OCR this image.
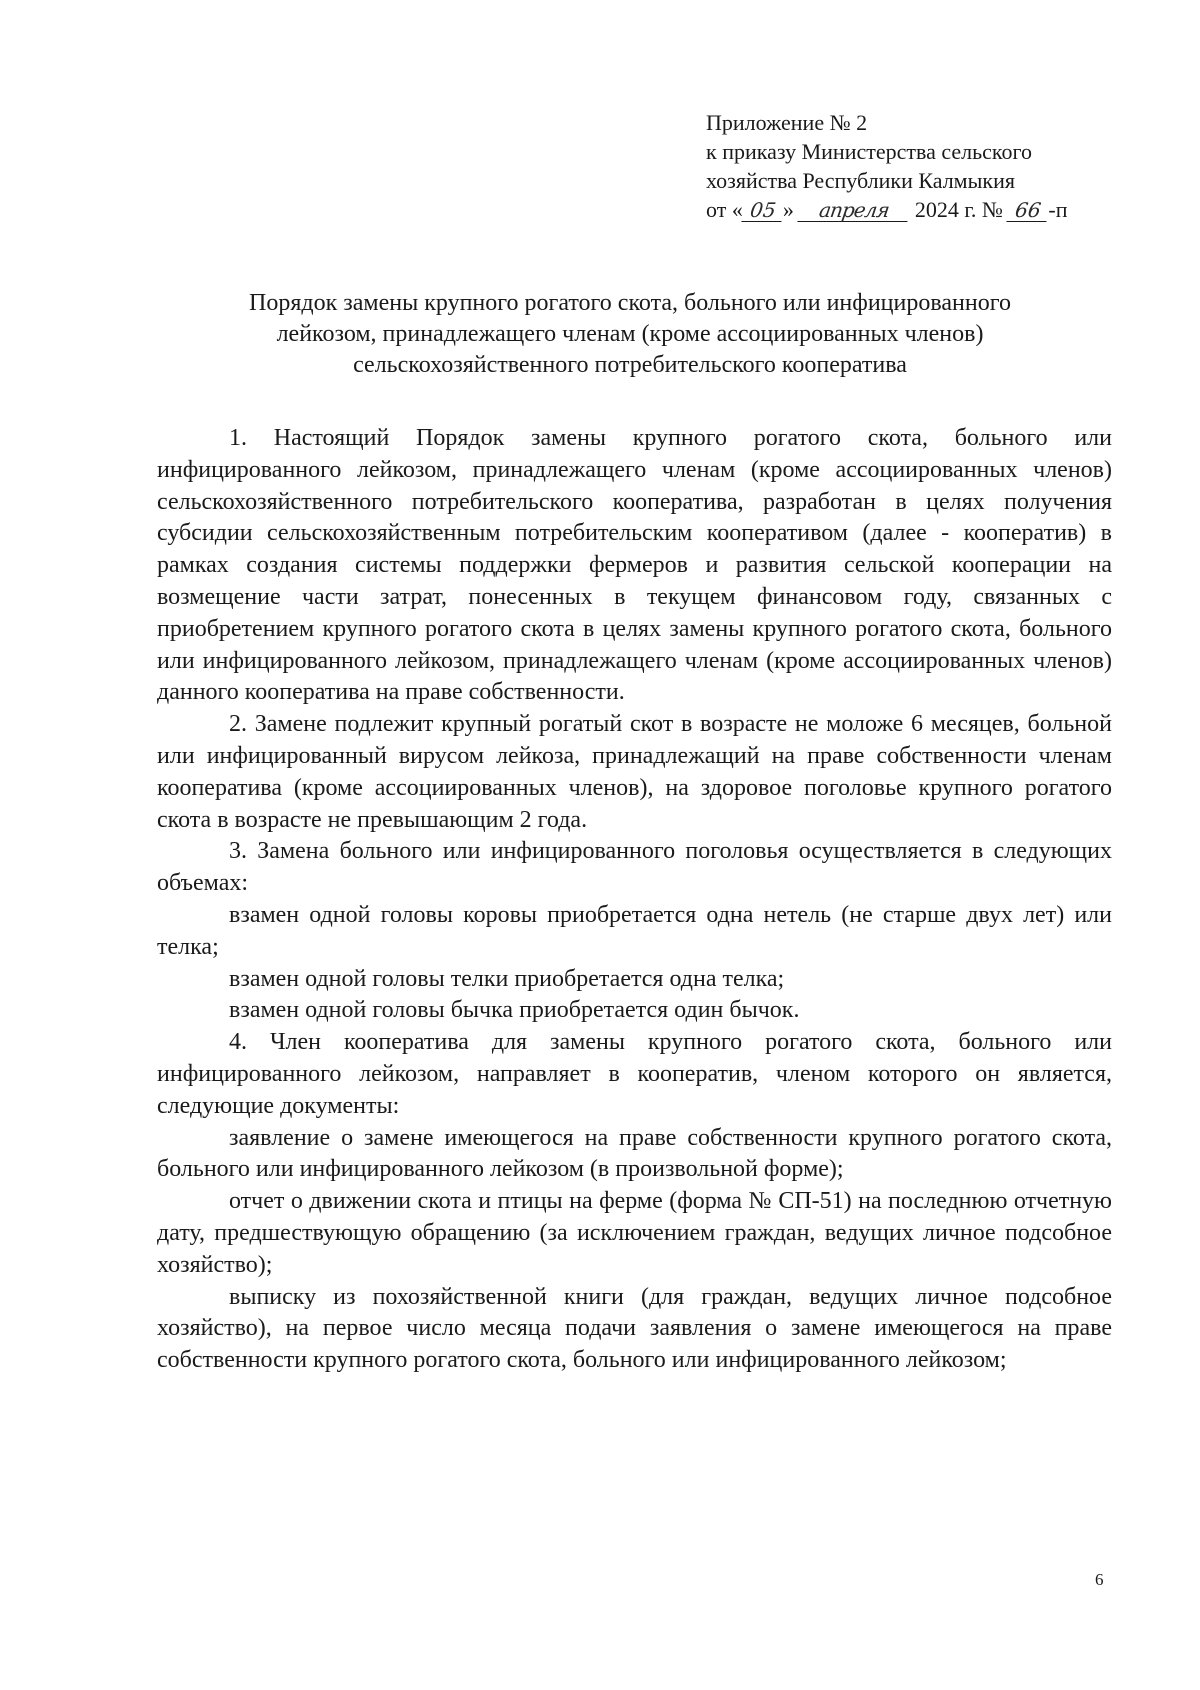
Приложение № 2
к приказу Министерства сельского
хозяйства Республики Калмыкия
от « 05 » апреля 2024 г. № 66 -п
Порядок замены крупного рогатого скота, больного или инфицированного
лейкозом, принадлежащего членам (кроме ассоциированных членов)
сельскохозяйственного потребительского кооператива

1. Настоящий Порядок замены крупного рогатого скота, больного или инфицированного лейкозом, принадлежащего членам (кроме ассоциированных членов) сельскохозяйственного потребительского кооператива, разработан в целях получения субсидии сельскохозяйственным потребительским кооперативом (далее - кооператив) в рамках создания системы поддержки фермеров и развития сельской кооперации на возмещение части затрат, понесенных в текущем финансовом году, связанных с приобретением крупного рогатого скота в целях замены крупного рогатого скота, больного или инфицированного лейкозом, принадлежащего членам (кроме ассоциированных членов) данного кооператива на праве собственности.

2. Замене подлежит крупный рогатый скот в возрасте не моложе 6 месяцев, больной или инфицированный вирусом лейкоза, принадлежащий на праве собственности членам кооператива (кроме ассоциированных членов), на здоровое поголовье крупного рогатого скота в возрасте не превышающим 2 года.

3. Замена больного или инфицированного поголовья осуществляется в следующих объемах:

взамен одной головы коровы приобретается одна нетель (не старше двух лет) или телка;

взамен одной головы телки приобретается одна телка;

взамен одной головы бычка приобретается один бычок.

4. Член кооператива для замены крупного рогатого скота, больного или инфицированного лейкозом, направляет в кооператив, членом которого он является, следующие документы:

заявление о замене имеющегося на праве собственности крупного рогатого скота, больного или инфицированного лейкозом (в произвольной форме);

отчет о движении скота и птицы на ферме (форма № СП-51) на последнюю отчетную дату, предшествующую обращению (за исключением граждан, ведущих личное подсобное хозяйство);

выписку из похозяйственной книги (для граждан, ведущих личное подсобное хозяйство), на первое число месяца подачи заявления о замене имеющегося на праве собственности крупного рогатого скота, больного или инфицированного лейкозом;

6
